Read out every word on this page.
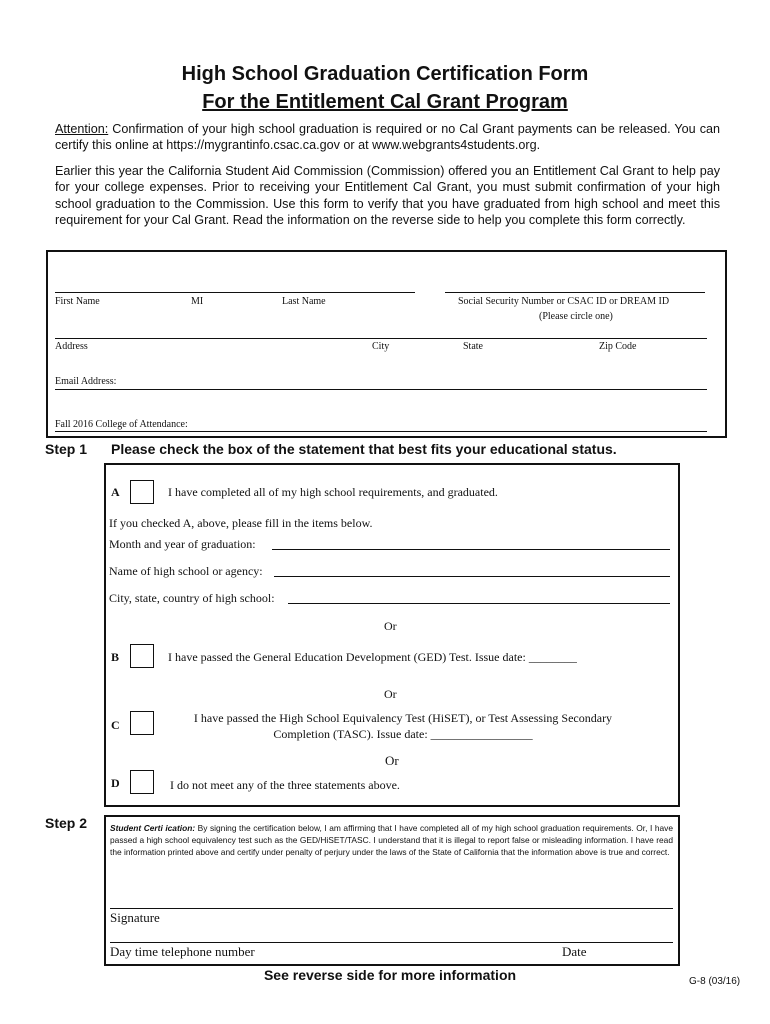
High School Graduation Certification Form
For the Entitlement Cal Grant Program
Attention: Confirmation of your high school graduation is required or no Cal Grant payments can be released. You can certify this online at https://mygrantinfo.csac.ca.gov or at www.webgrants4students.org.
Earlier this year the California Student Aid Commission (Commission) offered you an Entitlement Cal Grant to help pay for your college expenses. Prior to receiving your Entitlement Cal Grant, you must submit confirmation of your high school graduation to the Commission. Use this form to verify that you have graduated from high school and meet this requirement for your Cal Grant. Read the information on the reverse side to help you complete this form correctly.
First Name	MI	Last Name	Social Security Number or CSAC ID or DREAM ID
(Please circle one)
Address	City	State	Zip Code
Email Address:
Fall 2016 College of Attendance:
Step 1 Please check the box of the statement that best fits your educational status.
A	I have completed all of my high school requirements, and graduated.
If you checked A, above, please fill in the items below.
Month and year of graduation:
Name of high school or agency:
City, state, country of high school:
Or
B	I have passed the General Education Development (GED) Test. Issue date: ________
Or
C	I have passed the High School Equivalency Test (HiSET), or Test Assessing Secondary
Completion (TASC). Issue date: _________________
Or
D	I do not meet any of the three statements above.
Step 2	Student Certi ication: By signing the certification below, I am affirming that I have completed all of my high school graduation requirements. Or, I have passed a high school equivalency test such as the GED/HiSET/TASC. I understand that it is illegal to report false or misleading information. I have read the information printed above and certify under penalty of perjury under the laws of the State of California that the information above is true and correct.
Signature
Day time telephone number	Date
See reverse side for more information	G-8 (03/16)
